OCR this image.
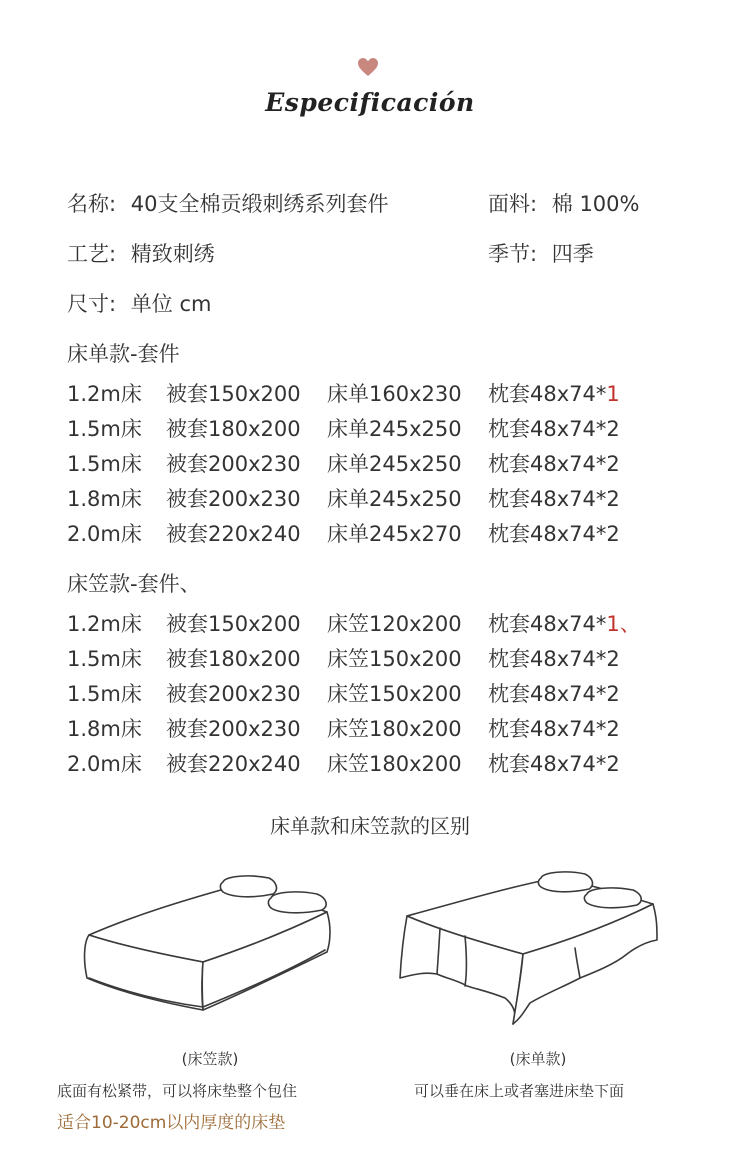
Especificación
名称: 40支全棉贡缎刺绣系列套件	面料: 棉 100%
工艺: 精致刺绣	季节: 四季
尺寸: 单位 cm
床单款-套件
1.2m床 被套150x200 床单160x230 枕套48x74*1
1.5m床 被套180x200 床单245x250 枕套48x74*2
1.5m床 被套200x230 床单245x250 枕套48x74*2
1.8m床 被套200x230 床单245x250 枕套48x74*2
2.0m床 被套220x240 床单245x270 枕套48x74*2
床笠款-套件、
1.2m床 被套150x200 床笠120x200 枕套48x74*1、
1.5m床 被套180x200 床笠150x200 枕套48x74*2
1.5m床 被套200x230 床笠150x200 枕套48x74*2
1.8m床 被套200x230 床笠180x200 枕套48x74*2
2.0m床 被套220x240 床笠180x200 枕套48x74*2
床单款和床笠款的区别
(床笠款)
底面有松紧带，可以将床垫整个包住
适合10-20cm以内厚度的床垫
(床单款)
可以垂在床上或者塞进床垫下面
